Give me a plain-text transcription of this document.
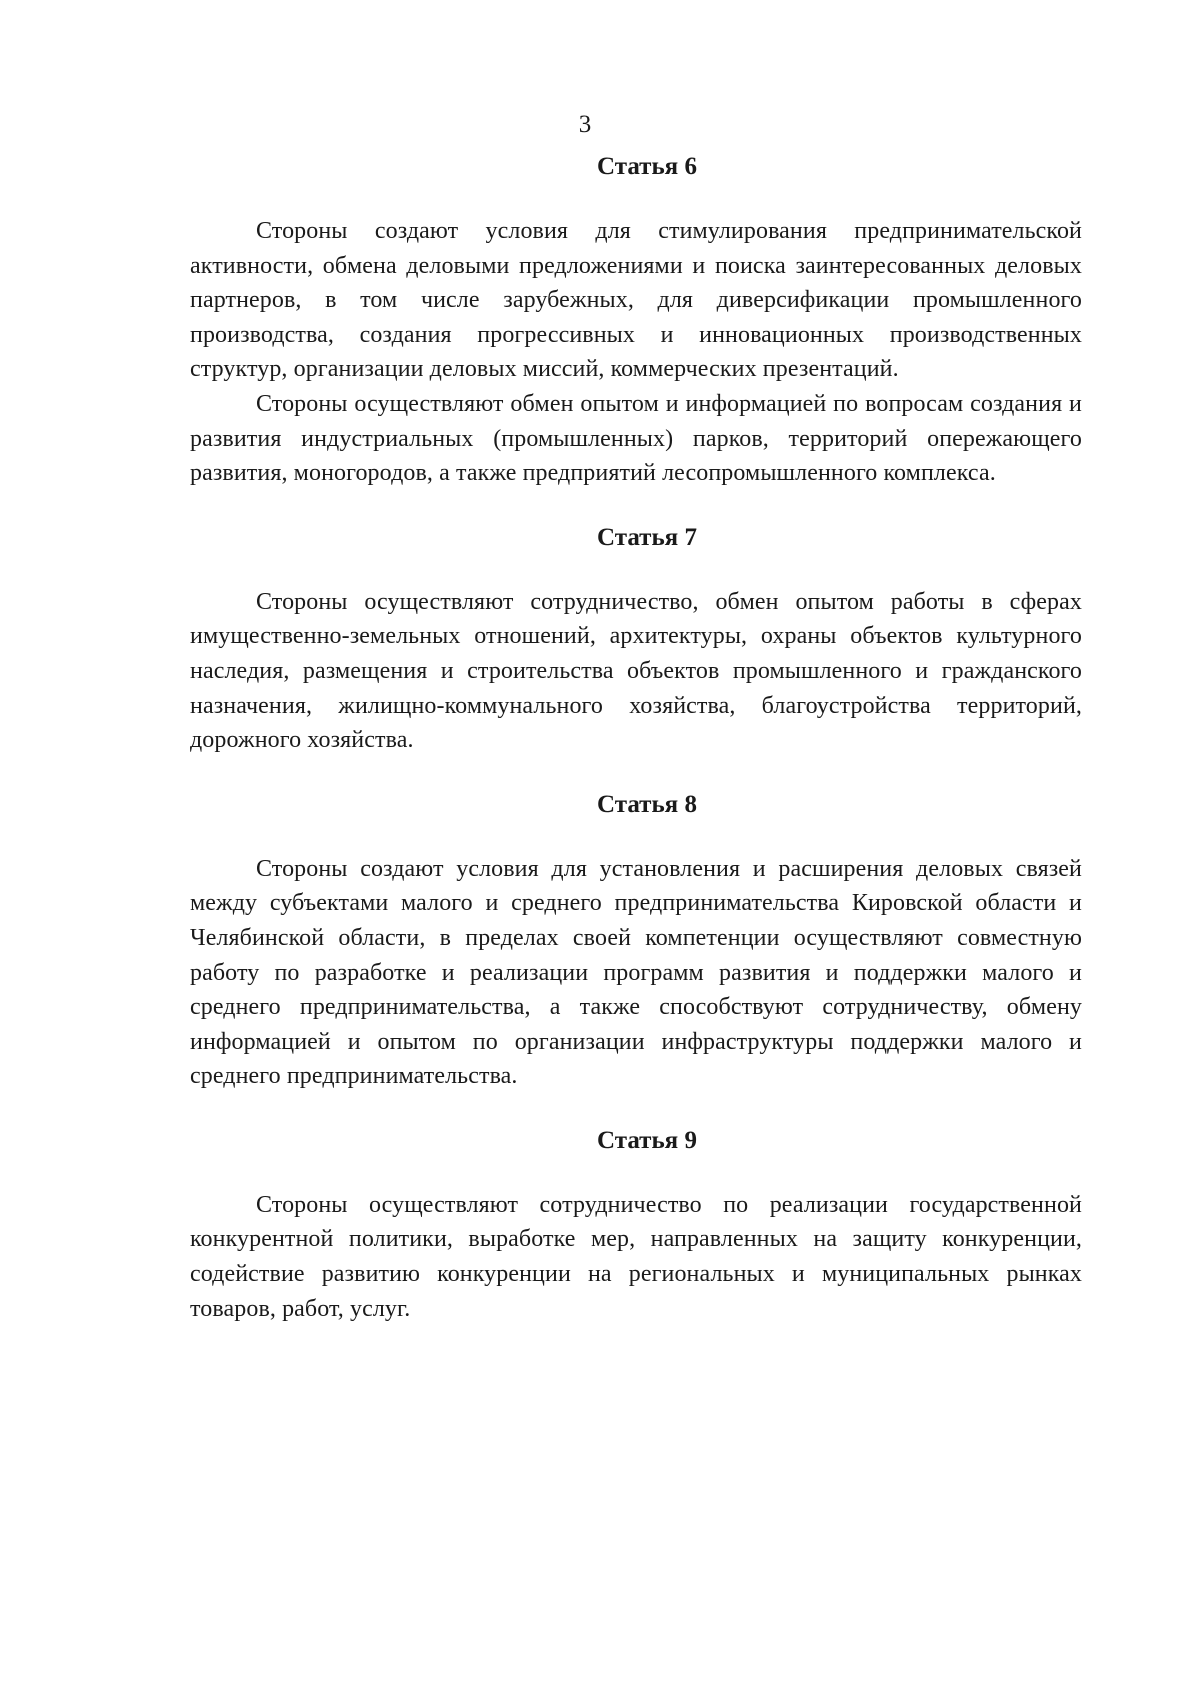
3
Статья 6

Стороны создают условия для стимулирования предпринимательской активности, обмена деловыми предложениями и поиска заинтересованных деловых партнеров, в том числе зарубежных, для диверсификации промышленного производства, создания прогрессивных и инновационных производственных структур, организации деловых миссий, коммерческих презентаций.

Стороны осуществляют обмен опытом и информацией по вопросам создания и развития индустриальных (промышленных) парков, территорий опережающего развития, моногородов, а также предприятий лесопромышленного комплекса.

Статья 7

Стороны осуществляют сотрудничество, обмен опытом работы в сферах имущественно-земельных отношений, архитектуры, охраны объектов культурного наследия, размещения и строительства объектов промышленного и гражданского назначения, жилищно-коммунального хозяйства, благоустройства территорий, дорожного хозяйства.

Статья 8

Стороны создают условия для установления и расширения деловых связей между субъектами малого и среднего предпринимательства Кировской области и Челябинской области, в пределах своей компетенции осуществляют совместную работу по разработке и реализации программ развития и поддержки малого и среднего предпринимательства, а также способствуют сотрудничеству, обмену информацией и опытом по организации инфраструктуры поддержки малого и среднего предпринимательства.

Статья 9

Стороны осуществляют сотрудничество по реализации государственной конкурентной политики, выработке мер, направленных на защиту конкуренции, содействие развитию конкуренции на региональных и муниципальных рынках товаров, работ, услуг.
